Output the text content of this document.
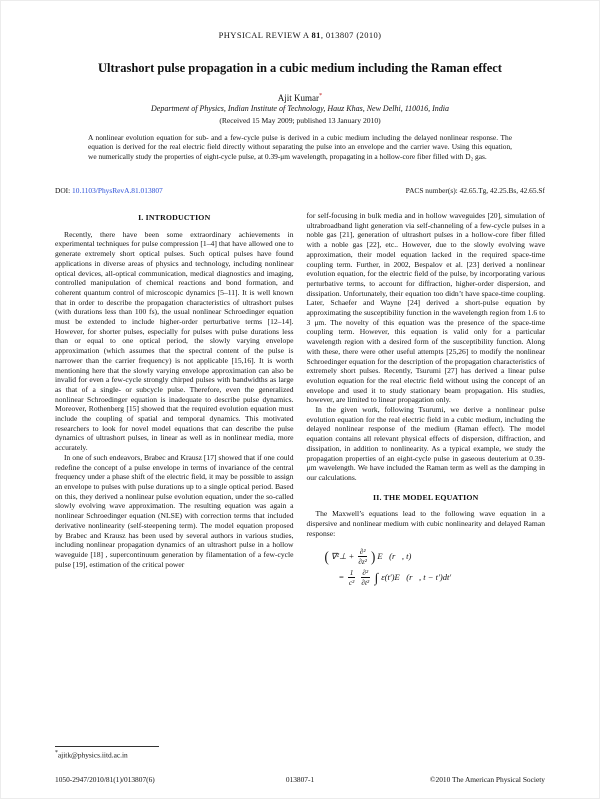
PHYSICAL REVIEW A 81, 013807 (2010)
Ultrashort pulse propagation in a cubic medium including the Raman effect
Ajit Kumar*
Department of Physics, Indian Institute of Technology, Hauz Khas, New Delhi, 110016, India
(Received 15 May 2009; published 13 January 2010)
A nonlinear evolution equation for sub- and a few-cycle pulse is derived in a cubic medium including the delayed nonlinear response. The equation is derived for the real electric field directly without separating the pulse into an envelope and the carrier wave. Using this equation, we numerically study the properties of eight-cycle pulse, at 0.39-μm wavelength, propagating in a hollow-core fiber filled with D₂ gas.
DOI: 10.1103/PhysRevA.81.013807	PACS number(s): 42.65.Tg, 42.25.Bs, 42.65.Sf
I. INTRODUCTION

Recently, there have been some extraordinary achievements in experimental techniques for pulse compression [1–4] that have allowed one to generate extremely short optical pulses. Such optical pulses have found applications in diverse areas of physics and technology, including nonlinear optical devices, all-optical communication, medical diagnostics and imaging, controlled manipulation of chemical reactions and bond formation, and coherent quantum control of microscopic dynamics [5–11]. It is well known that in order to describe the propagation characteristics of ultrashort pulses (with durations less than 100 fs), the usual nonlinear Schroedinger equation must be extended to include higher-order perturbative terms [12–14]. However, for shorter pulses, especially for pulses with pulse durations less than or equal to one optical period, the slowly varying envelope approximation (which assumes that the spectral content of the pulse is narrower than the carrier frequency) is not applicable [15,16]. It is worth mentioning here that the slowly varying envelope approximation can also be invalid for even a few-cycle strongly chirped pulses with bandwidths as large as that of a single- or subcycle pulse. Therefore, even the generalized nonlinear Schroedinger equation is inadequate to describe pulse dynamics. Moreover, Rothenberg [15] showed that the required evolution equation must include the coupling of spatial and temporal dynamics. This motivated researchers to look for novel model equations that can describe the pulse dynamics of ultrashort pulses, in linear as well as in nonlinear media, more accurately.

In one of such endeavors, Brabec and Krausz [17] showed that if one could redefine the concept of a pulse envelope in terms of invariance of the central frequency under a phase shift of the electric field, it may be possible to assign an envelope to pulses with pulse durations up to a single optical period. Based on this, they derived a nonlinear pulse evolution equation, under the so-called slowly evolving wave approximation. The resulting equation was again a nonlinear Schroedinger equation (NLSE) with correction terms that included derivative nonlinearity (self-steepening term). The model equation proposed by Brabec and Krausz has been used by several authors in various studies, including nonlinear propagation dynamics of an ultrashort pulse in a hollow waveguide [18] , supercontinuum generation by filamentation of a few-cycle pulse [19], estimation of the critical power

for self-focusing in bulk media and in hollow waveguides [20], simulation of ultrabroadband light generation via self-channeling of a few-cycle pulses in a noble gas [21], generation of ultrashort pulses in a hollow-core fiber filled with a noble gas [22], etc.. However, due to the slowly evolving wave approximation, their model equation lacked in the required space-time coupling term. Further, in 2002, Bespalov et al. [23] derived a nonlinear evolution equation, for the electric field of the pulse, by incorporating various perturbative terms, to account for diffraction, higher-order dispersion, and dissipation. Unfortunately, their equation too didn’t have space-time coupling. Later, Schaefer and Wayne [24] derived a short-pulse equation by approximating the susceptibility function in the wavelength region from 1.6 to 3 μm. The novelty of this equation was the presence of the space-time coupling term. However, this equation is valid only for a particular wavelength region with a desired form of the susceptibility function. Along with these, there were other useful attempts [25,26] to modify the nonlinear Schroedinger equation for the description of the propagation characteristics of extremely short pulses. Recently, Tsurumi [27] has derived a linear pulse evolution equation for the real electric field without using the concept of an envelope and used it to study stationary beam propagation. His studies, however, are limited to linear propagation only.

In the given work, following Tsurumi, we derive a nonlinear pulse evolution equation for the real electric field in a cubic medium, including the delayed nonlinear response of the medium (Raman effect). The model equation contains all relevant physical effects of dispersion, diffraction, and dissipation, in addition to nonlinearity. As a typical example, we study the propagation properties of an eight-cycle pulse in gaseous deuterium at 0.39-μm wavelength. We have included the Raman term as well as the damping in our calculations.

II. THE MODEL EQUATION

The Maxwell’s equations lead to the following wave equation in a dispersive and nonlinear medium with cubic nonlinearity and delayed Raman response:

( ∇²⊥ + $\frac{\text{∂²}}{\text{∂z²}}$ ) E⃗(r⃗, t)
= $\frac{1}{\text{c²}} \frac{\text{∂²}}{\text{∂t²}}$ ∫ ε(t′)E⃗(r⃗, t − t′)dt′
*ajitk@physics.iitd.ac.in
1050-2947/2010/81(1)/013807(6)	013807-1	©2010 The American Physical Society
